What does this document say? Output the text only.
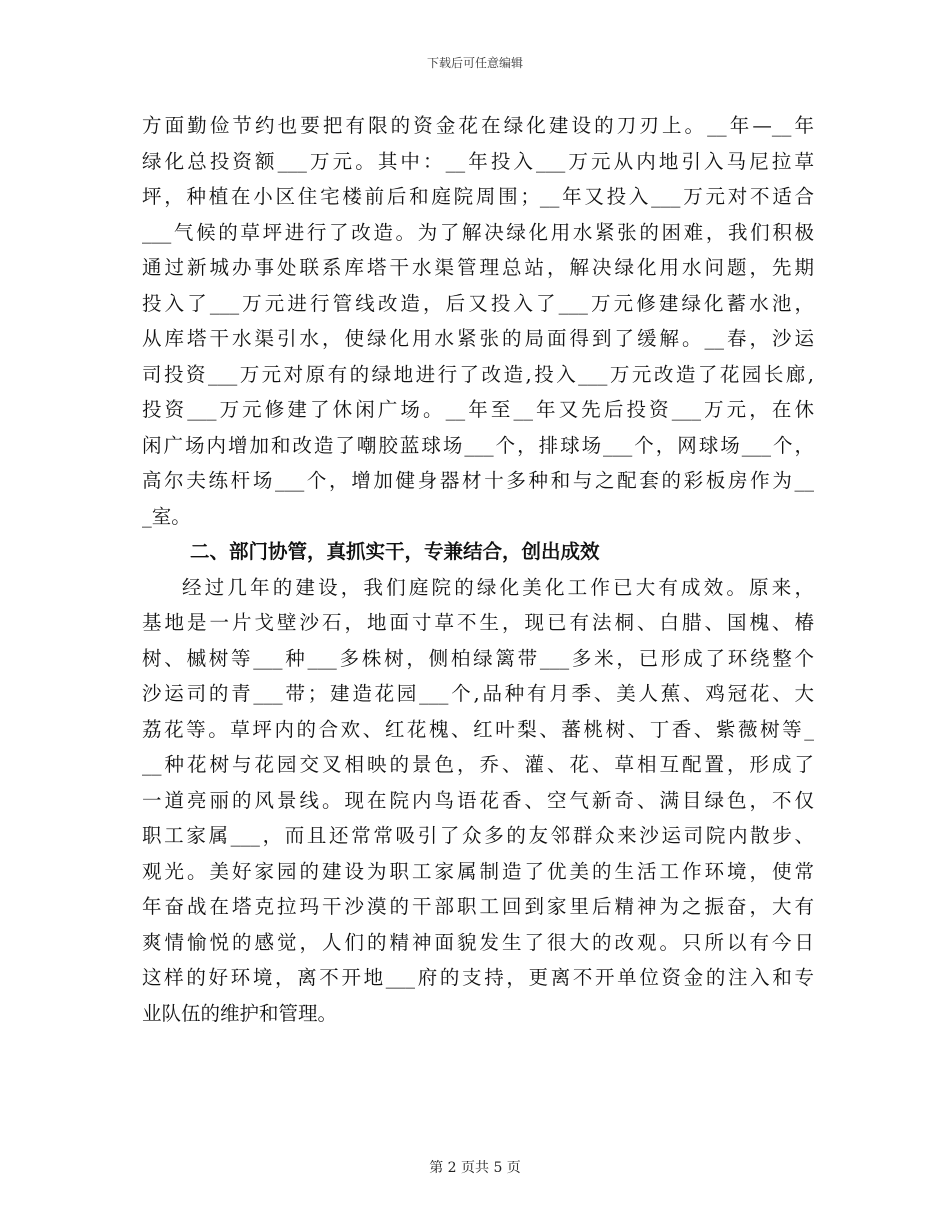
下载后可任意编辑
方面勤俭节约也要把有限的资金花在绿化建设的刀刃上。__年—__年
绿化总投资额___万元。其中：__年投入___万元从内地引入马尼拉草
坪，种植在小区住宅楼前后和庭院周围；__年又投入___万元对不适合
___气候的草坪进行了改造。为了解决绿化用水紧张的困难，我们积极
通过新城办事处联系库塔干水渠管理总站，解决绿化用水问题，先期
投入了___万元进行管线改造，后又投入了___万元修建绿化蓄水池，
从库塔干水渠引水，使绿化用水紧张的局面得到了缓解。__春，沙运
司投资___万元对原有的绿地进行了改造,投入___万元改造了花园长廊,
投资___万元修建了休闲广场。__年至__年又先后投资___万元，在休
闲广场内增加和改造了嘲胶蓝球场___个，排球场___个，网球场___个，
高尔夫练杆场___个，增加健身器材十多种和与之配套的彩板房作为__
_室。
二、部门协管，真抓实干，专兼结合，创出成效
经过几年的建设，我们庭院的绿化美化工作已大有成效。原来，
基地是一片戈壁沙石，地面寸草不生，现已有法桐、白腊、国槐、椿
树、槭树等___种___多株树，侧柏绿篱带___多米，已形成了环绕整个
沙运司的青___带；建造花园___个,品种有月季、美人蕉、鸡冠花、大
荔花等。草坪内的合欢、红花槐、红叶梨、蕃桃树、丁香、紫薇树等_
__种花树与花园交叉相映的景色，乔、灌、花、草相互配置，形成了
一道亮丽的风景线。现在院内鸟语花香、空气新奇、满目绿色，不仅
职工家属___，而且还常常吸引了众多的友邻群众来沙运司院内散步、
观光。美好家园的建设为职工家属制造了优美的生活工作环境，使常
年奋战在塔克拉玛干沙漠的干部职工回到家里后精神为之振奋，大有
爽情愉悦的感觉，人们的精神面貌发生了很大的改观。只所以有今日
这样的好环境，离不开地___府的支持，更离不开单位资金的注入和专
业队伍的维护和管理。
第 2 页共 5 页
